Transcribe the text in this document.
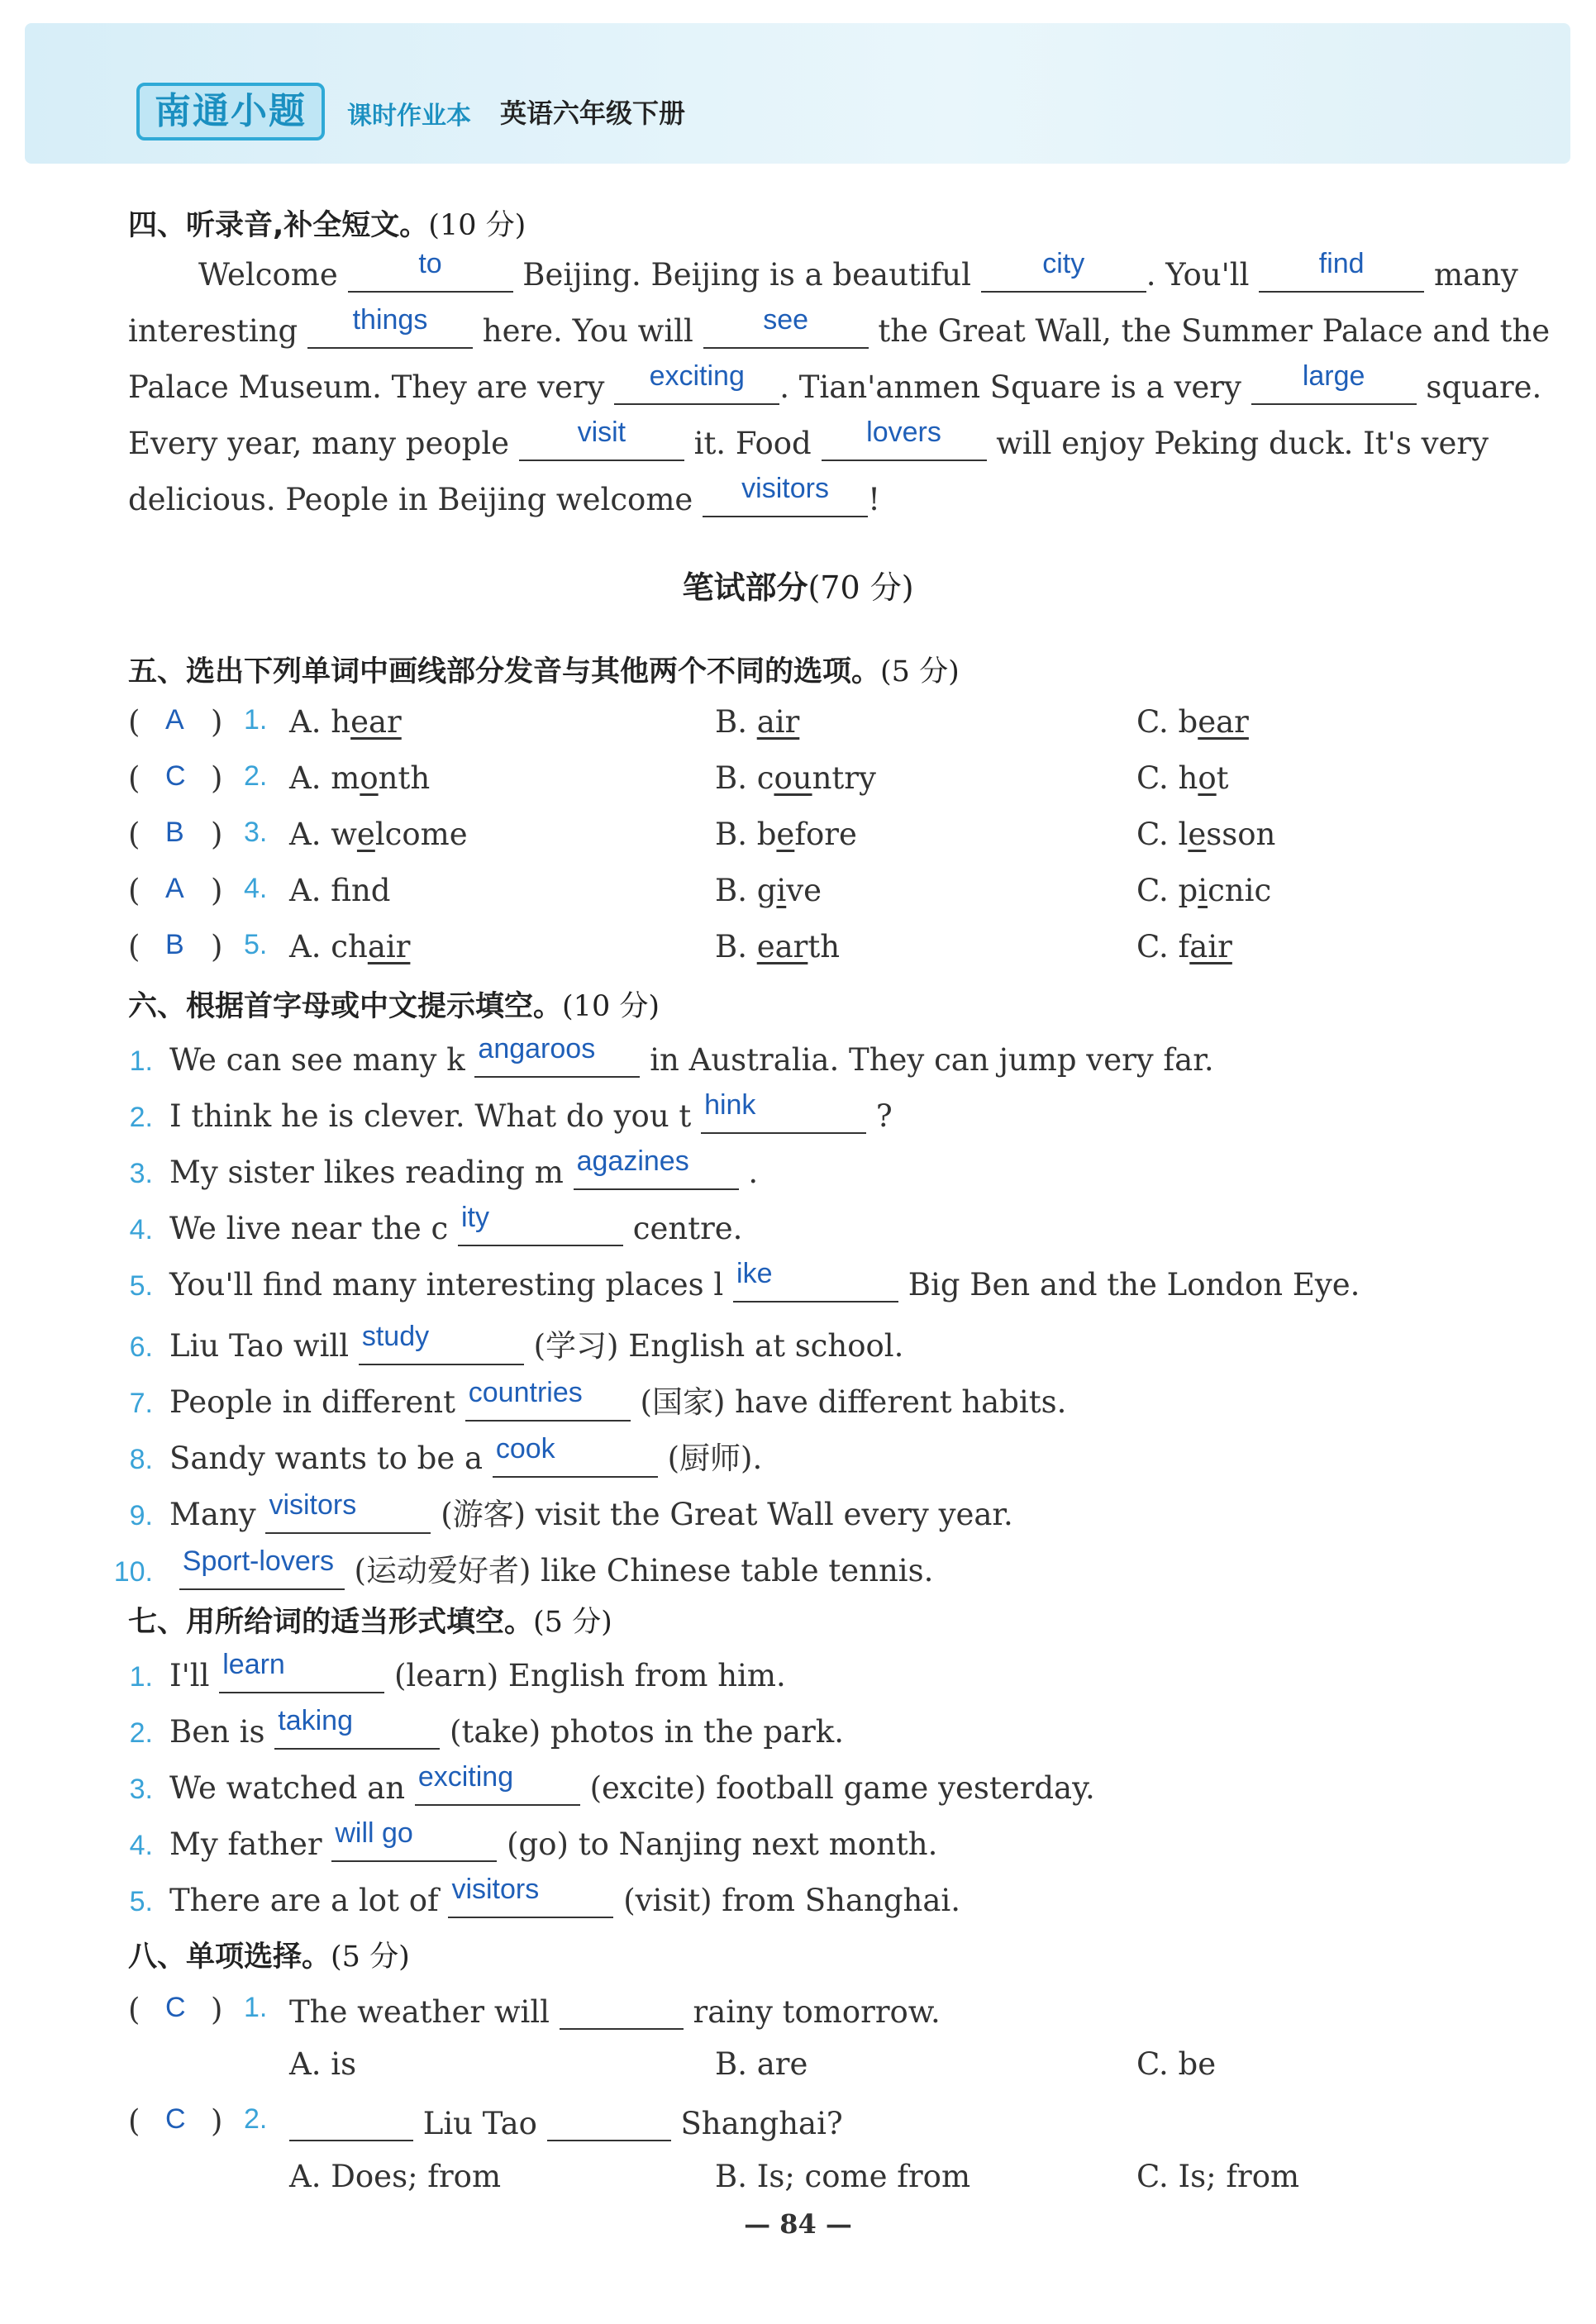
南通小题	课时作业本 英语六年级下册
四、听录音,补全短文。(10 分)
Welcome	to	Beijing. Beijing is a beautiful	city	. You'll	find	many
interesting	things	here. You will	see	the Great Wall, the Summer Palace and the
Palace Museum. They are very	exciting	. Tian'anmen Square is a very	large	square.
Every year, many people	visit	it. Food	lovers	will enjoy Peking duck. It's very
delicious. People in Beijing welcome	visitors	!
笔试部分(70 分)
五、选出下列单词中画线部分发音与其他两个不同的选项。(5 分)
( A ) 1. A. hear	B. air	C. bear
( C ) 2. A. month	B. country	C. hot
( B ) 3. A. welcome	B. before	C. lesson
( A ) 4. A. fnd	B. give	C. picnic
( B ) 5. A. chair	B. earth	C. fair
六、根据首字母或中文提示填空。(10 分)
1. We can see many k angaroos	in Australia. They can jump very far.
2. I think he is clever. What do you t hink	?
3. My sister likes reading m agazines	.
4. We live near the c ity	centre.
5. You'll find many interesting places l ike	Big Ben and the London Eye.
6. Liu Tao will study	(学习) English at school.
7. People in different countries	(国家) have different habits.
8. Sandy wants to be a cook	(厨师).
9. Many visitors	(游客) visit the Great Wall every year.
10. Sport-lovers (运动爱好者) like Chinese table tennis.
七、用所给词的适当形式填空。(5 分)
1. I'll learn	(learn) English from him.
2. Ben is taking	(take) photos in the park.
3. We watched an exciting	(excite) football game yesterday.
4. My father will go	(go) to Nanjing next month.
5. There are a lot of visitors	(visit) from Shanghai.
八、单项选择。(5 分)
( C ) 1. The weather will	rainy tomorrow.
A. is	B. are	C. be
( C ) 2.	Liu Tao	Shanghai?
A. Does; from	B. Is; come from	C. Is; from
— 84 —
